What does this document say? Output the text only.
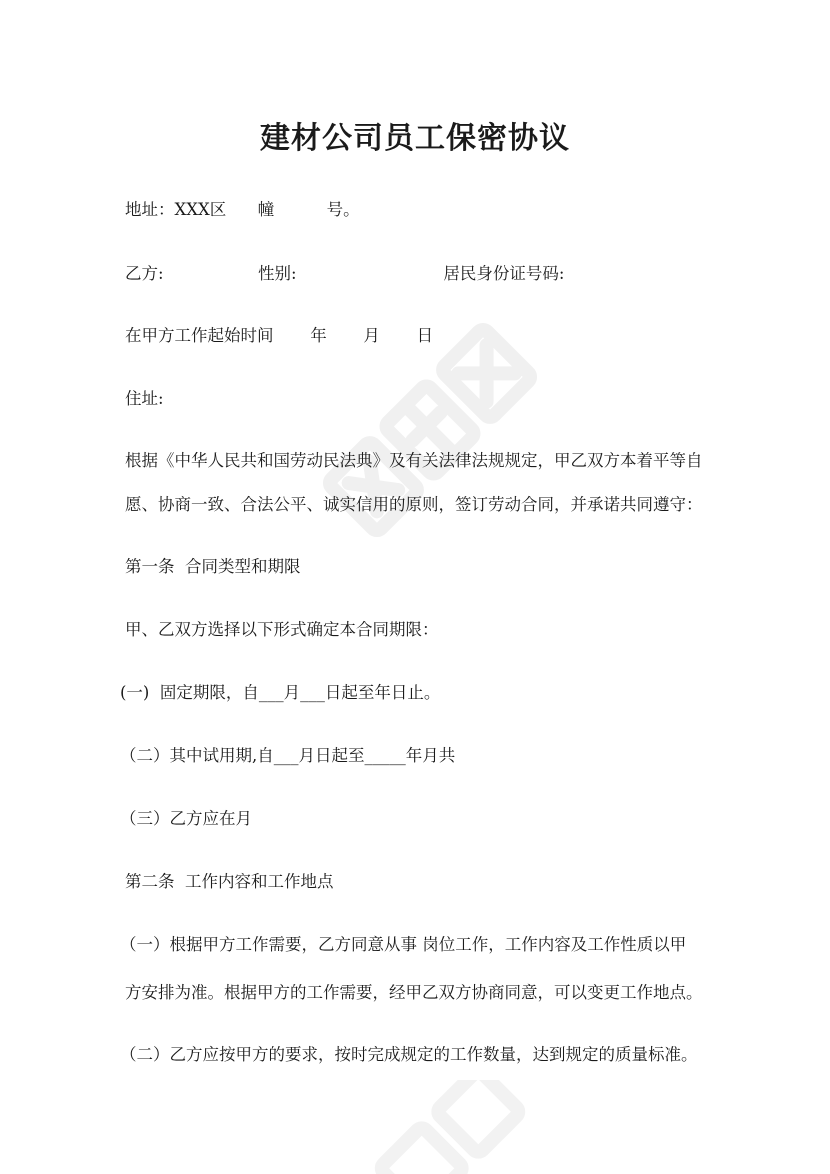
建材公司员工保密协议
地址：XXX区      幢          号。
乙方:                  性别:                            居民身份证号码:
在甲方工作起始时间       年       月       日
住址:
根据《中华人民共和国劳动民法典》及有关法律法规规定，甲乙双方本着平等自
愿、协商一致、合法公平、诚实信用的原则，签订劳动合同，并承诺共同遵守：
第一条  合同类型和期限
甲、乙双方选择以下形式确定本合同期限：
(一)  固定期限，自___月___日起至年日止。
（二）其中试用期,自___月日起至_____年月共
（三）乙方应在月
第二条  工作内容和工作地点
（一）根据甲方工作需要，乙方同意从事 岗位工作，工作内容及工作性质以甲
方安排为准。根据甲方的工作需要，经甲乙双方协商同意，可以变更工作地点。
（二）乙方应按甲方的要求，按时完成规定的工作数量，达到规定的质量标准。
